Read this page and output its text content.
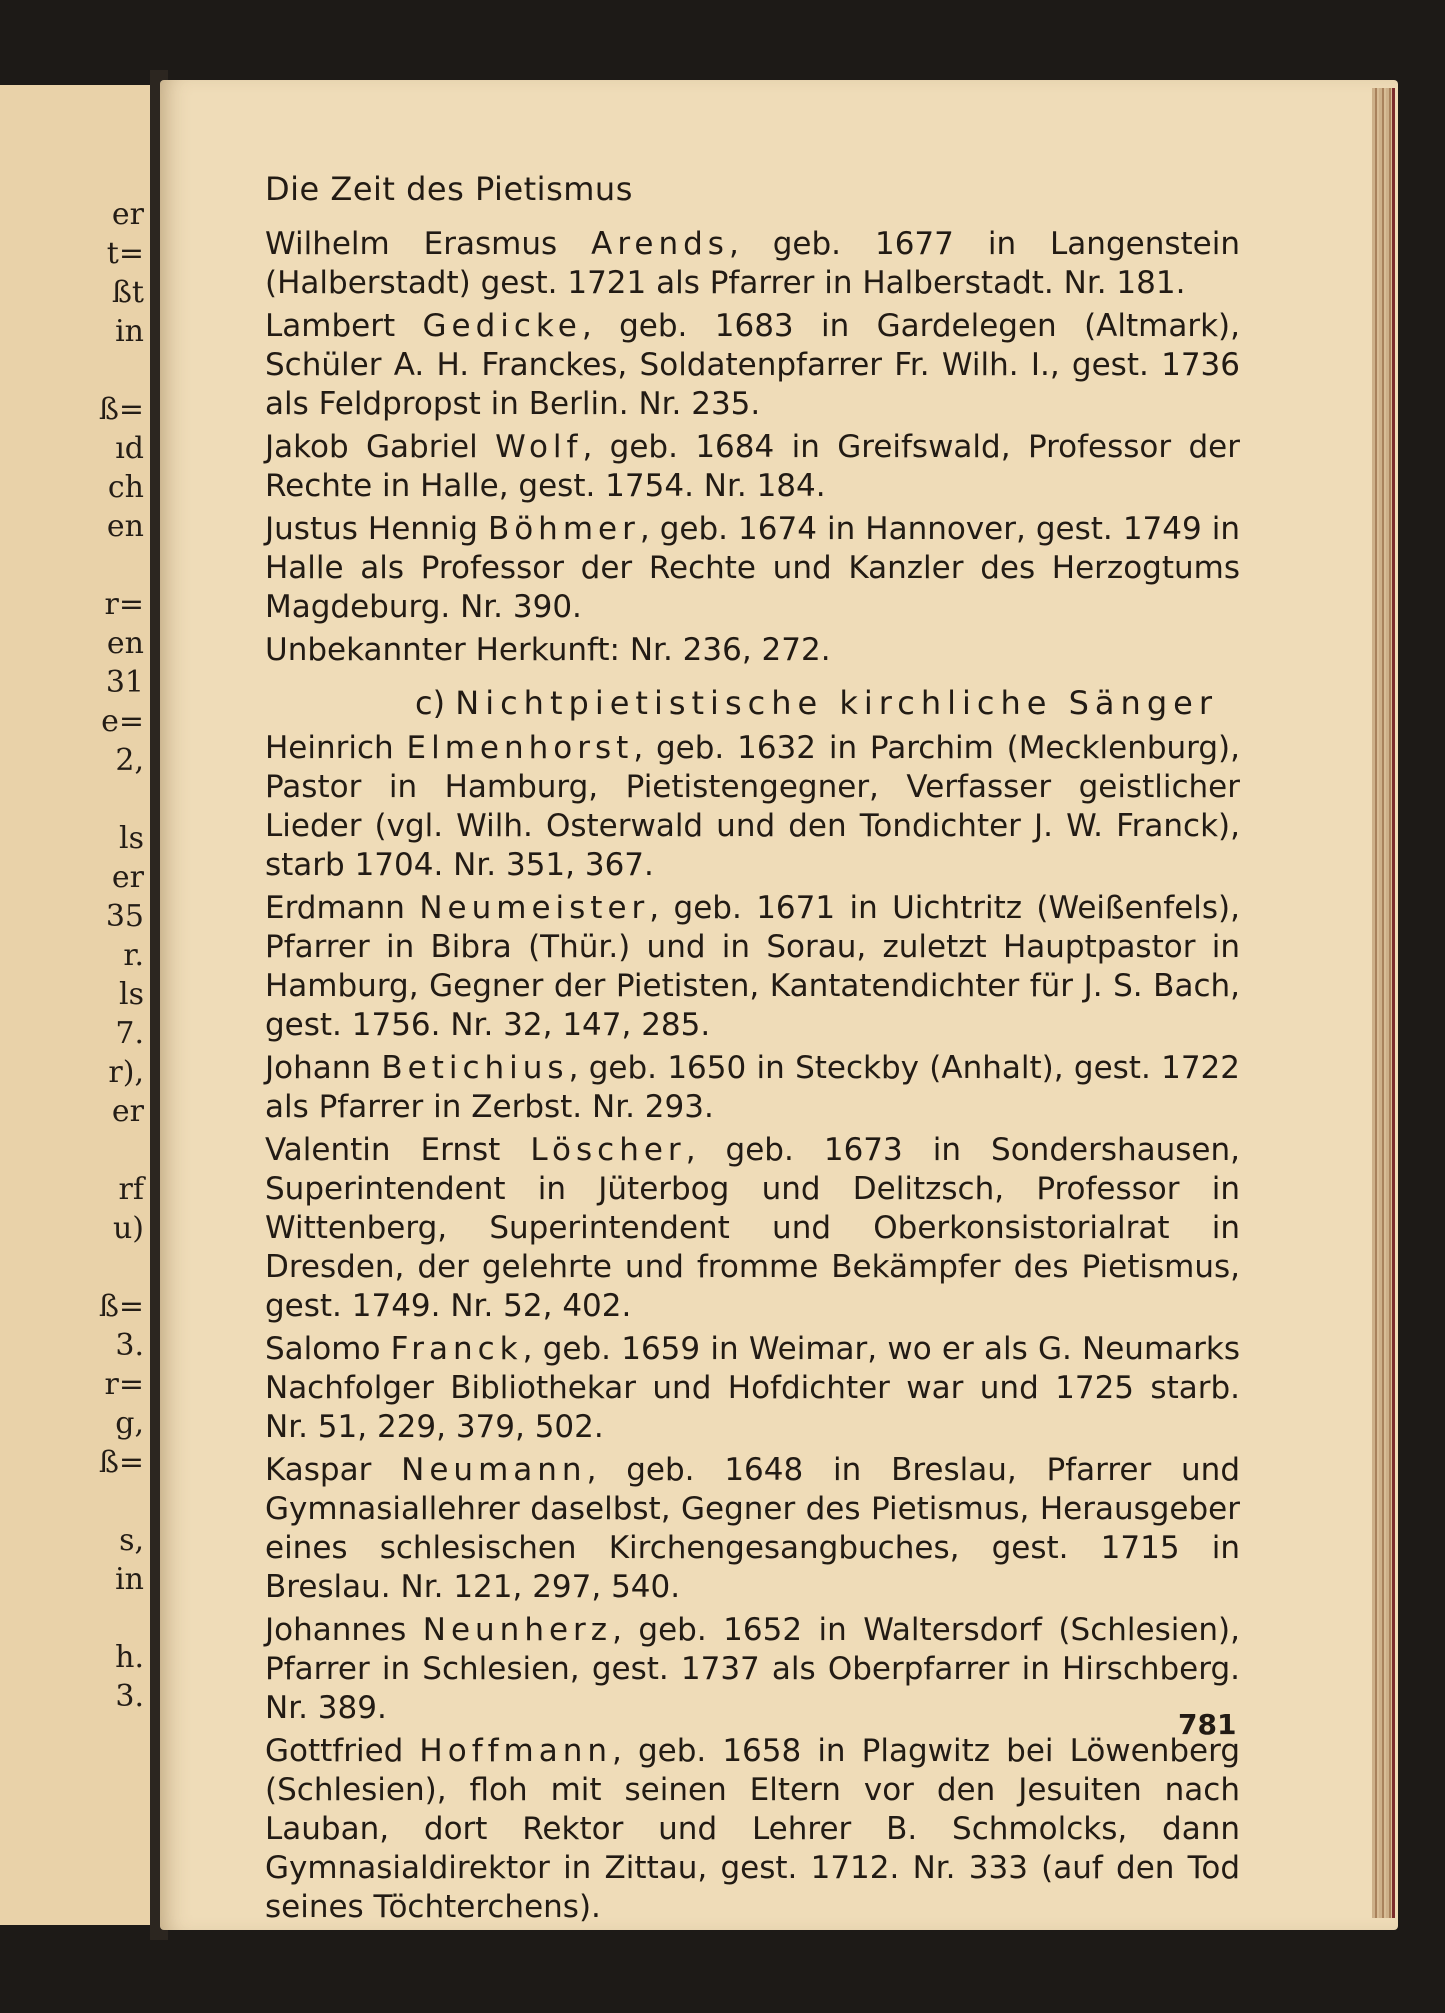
er
t=
ßt
in
ß=
ıd
ch
en
r=
en
31
e=
2,
ls
er
35
r.
ls
7.
r),
er
rf
u)
ß=
3.
r=
g,
ß=
s,
in
h.
3.
Die Zeit des Pietismus
Wilhelm Erasmus Arends, geb. 1677 in Langenstein (Halberstadt) gest. 1721 als Pfarrer in Halberstadt. Nr. 181.
Lambert Gedicke, geb. 1683 in Gardelegen (Altmark), Schüler A. H. Franckes, Soldatenpfarrer Fr. Wilh. I., gest. 1736 als Feldpropst in Berlin. Nr. 235.
Jakob Gabriel Wolf, geb. 1684 in Greifswald, Professor der Rechte in Halle, gest. 1754. Nr. 184.
Justus Hennig Böhmer, geb. 1674 in Hannover, gest. 1749 in Halle als Professor der Rechte und Kanzler des Herzogtums Magdeburg. Nr. 390.
Unbekannter Herkunft: Nr. 236, 272.
c) Nichtpietistische kirchliche Sänger
Heinrich Elmenhorst, geb. 1632 in Parchim (Mecklenburg), Pastor in Hamburg, Pietistengegner, Verfasser geistlicher Lieder (vgl. Wilh. Osterwald und den Tondichter J. W. Franck), starb 1704. Nr. 351, 367.
Erdmann Neumeister, geb. 1671 in Uichtritz (Weißenfels), Pfarrer in Bibra (Thür.) und in Sorau, zuletzt Hauptpastor in Hamburg, Gegner der Pietisten, Kantatendichter für J. S. Bach, gest. 1756. Nr. 32, 147, 285.
Johann Betichius, geb. 1650 in Steckby (Anhalt), gest. 1722 als Pfarrer in Zerbst. Nr. 293.
Valentin Ernst Löscher, geb. 1673 in Sondershausen, Superintendent in Jüterbog und Delitzsch, Professor in Wittenberg, Superintendent und Oberkonsistorialrat in Dresden, der gelehrte und fromme Bekämpfer des Pietismus, gest. 1749. Nr. 52, 402.
Salomo Franck, geb. 1659 in Weimar, wo er als G. Neumarks Nachfolger Bibliothekar und Hofdichter war und 1725 starb. Nr. 51, 229, 379, 502.
Kaspar Neumann, geb. 1648 in Breslau, Pfarrer und Gymnasiallehrer daselbst, Gegner des Pietismus, Herausgeber eines schlesischen Kirchengesangbuches, gest. 1715 in Breslau. Nr. 121, 297, 540.
Johannes Neunherz, geb. 1652 in Waltersdorf (Schlesien), Pfarrer in Schlesien, gest. 1737 als Oberpfarrer in Hirschberg. Nr. 389.
Gottfried Hoffmann, geb. 1658 in Plagwitz bei Löwenberg (Schlesien), floh mit seinen Eltern vor den Jesuiten nach Lauban, dort Rektor und Lehrer B. Schmolcks, dann Gymnasialdirektor in Zittau, gest. 1712. Nr. 333 (auf den Tod seines Töchterchens).
781
